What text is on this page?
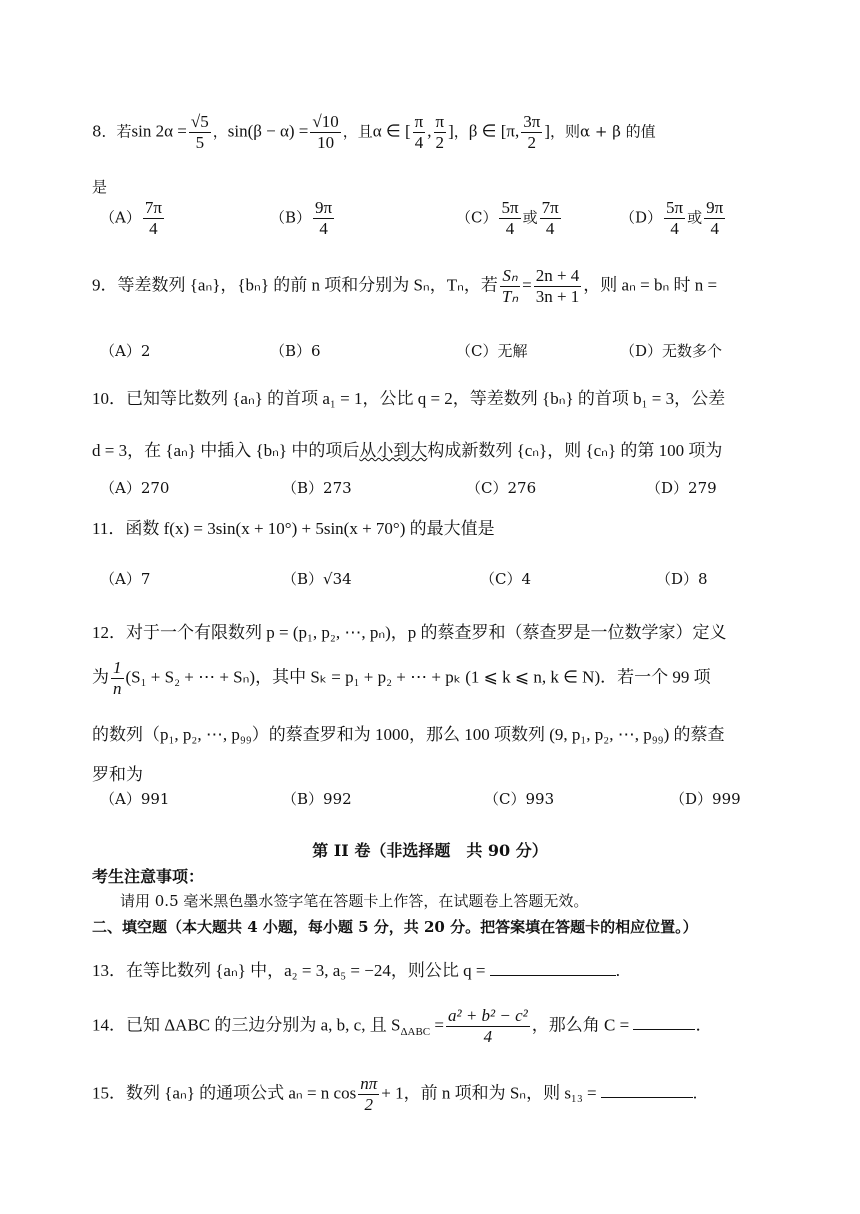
8．若$\sin 2\alpha = \frac{√5}{5}$ ，$\sin(\beta - \alpha) = \frac{√10}{10}$ ，且α ∈ [ $\frac{\pi}{4}$ , $\frac{\pi}{2}$ ]，β ∈ [π, $\frac{3\pi}{2}$ ]，则α + β 的值
是
$(A) \frac{7\pi}{4}$	$(B) \frac{9\pi}{4}$	$(C) \frac{5\pi}{4}$ 或 $\frac{7\pi}{4}$	$(D) \frac{5\pi}{4}$ 或 $\frac{9\pi}{4}$
9．等差数列 {aₙ}，{bₙ} 的前 n 项和分别为 Sₙ，Tₙ，若 $\frac{\text{Sₙ}}{\text{Tₙ}} = \frac{2n + 4}{3n + 1}$ ，则 aₙ = bₙ 时 n =
（A）2	（B）6	（C）无解	（D）无数多个
10．已知等比数列 {aₙ} 的首项 a₁ = 1，公比 q = 2，等差数列 {bₙ} 的首项 b₁ = 3，公差
d = 3，在 {aₙ} 中插入 {bₙ} 中的项后从小到大构成新数列 {cₙ}，则 {cₙ} 的第 100 项为
（A）270	（B）273	（C）276	（D）279
11．函数 f(x) = 3sin(x + 10°) + 5sin(x + 70°) 的最大值是
（A）7	（B）√34	（C）4	（D）8
12．对于一个有限数列 p = (p₁, p₂, ⋯, pₙ)，p 的蔡查罗和（蔡查罗是一位数学家）定义
为 $\frac{1}{n} (S_1 + S_2$ + ⋯ + Sₙ)，其中 Sₖ = p₁ + p₂ + ⋯ + pₖ (1 ⩽ k ⩽ n, k ∈ N)．若一个 99 项
的数列（p₁, p₂, ⋯, p₉₉）的蔡查罗和为 1000，那么 100 项数列 (9, p₁, p₂, ⋯, p₉₉) 的蔡查
罗和为
（A）991	（B）992	（C）993	（D）999
第 II 卷（非选择题　共 90 分）
考生注意事项：
请用 0.5 毫米黑色墨水签字笔在答题卡上作答，在试题卷上答题无效。
二、填空题（本大题共 4 小题，每小题 5 分，共 20 分。把答案填在答题卡的相应位置。）
13．在等比数列 {aₙ} 中，a₂ = 3, a₅ = −24，则公比 q =	.
14．已知 ΔABC 的三边分别为 a, b, c, 且 $S_{\Delta ABC} = \frac{\text{a² + b² − c²}}{4}$ ，那么角 C =	．
15．数列 {aₙ} 的通项公式 aₙ = n $\cos \frac{n\pi}{2} + 1$，前 n 项和为 Sₙ，则 s₁₃ =	.
